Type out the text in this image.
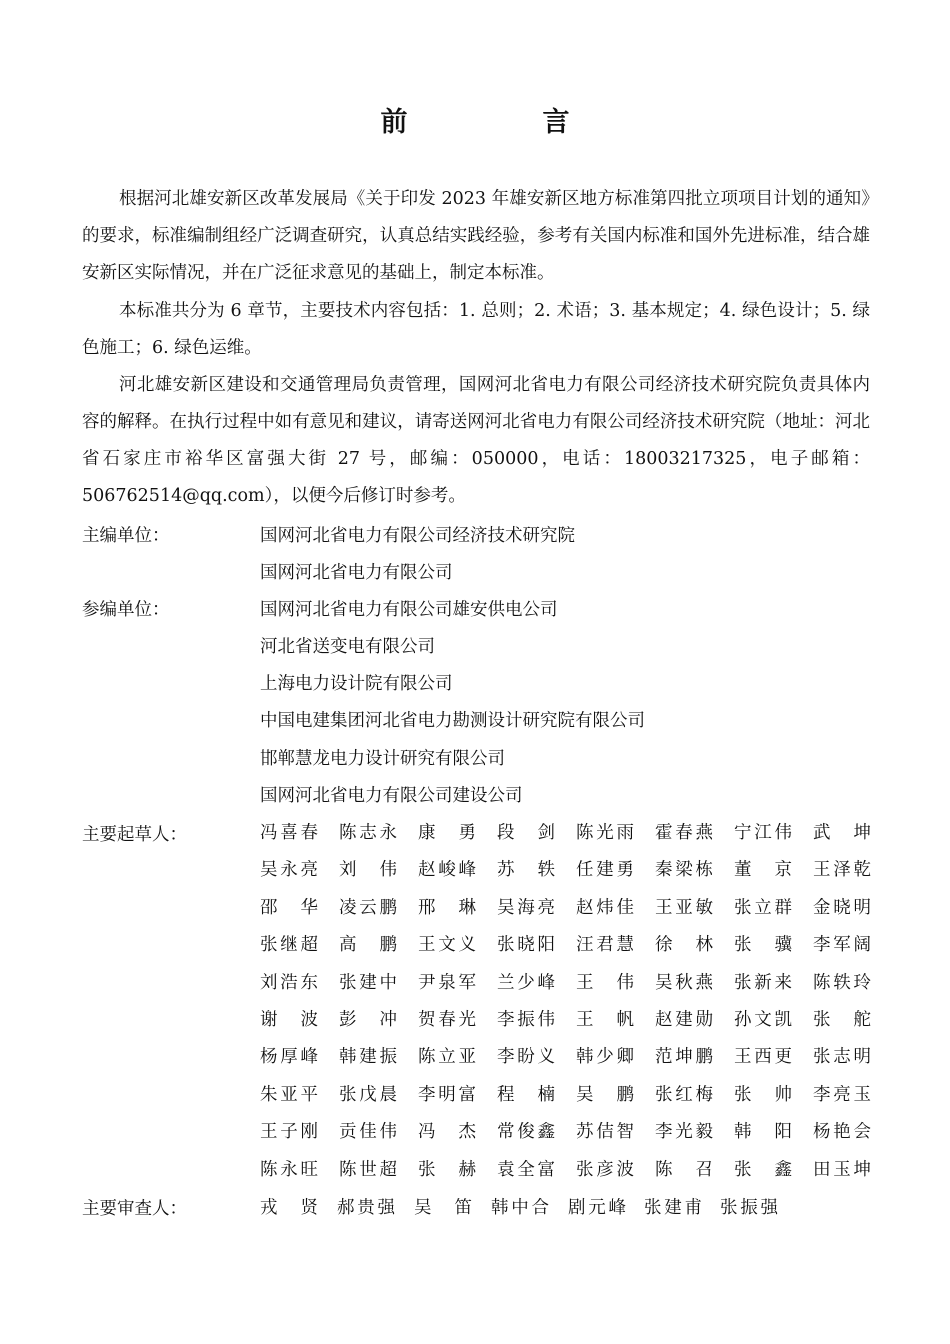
前　言

根据河北雄安新区改革发展局《关于印发 2023 年雄安新区地方标准第四批立项项目计划的通知》的要求，标准编制组经广泛调查研究，认真总结实践经验，参考有关国内标准和国外先进标准，结合雄安新区实际情况，并在广泛征求意见的基础上，制定本标准。

本标准共分为 6 章节，主要技术内容包括：1. 总则；2. 术语；3. 基本规定；4. 绿色设计；5. 绿色施工；6. 绿色运维。

河北雄安新区建设和交通管理局负责管理，国网河北省电力有限公司经济技术研究院负责具体内容的解释。在执行过程中如有意见和建议，请寄送网河北省电力有限公司经济技术研究院（地址：河北省石家庄市裕华区富强大街 27 号，邮编：050000，电话：18003217325，电子邮箱：506762514@qq.com），以便今后修订时参考。

主编单位：	国网河北省电力有限公司经济技术研究院
国网河北省电力有限公司
参编单位：	国网河北省电力有限公司雄安供电公司
河北省送变电有限公司
上海电力设计院有限公司
中国电建集团河北省电力勘测设计研究院有限公司
邯郸慧龙电力设计研究有限公司
国网河北省电力有限公司建设公司
主要起草人：	冯喜春 陈志永 康　勇 段　剑 陈光雨 霍春燕 宁江伟 武　坤
吴永亮 刘　伟 赵峻峰 苏　轶 任建勇 秦梁栋 董　京 王泽乾
邵　华 凌云鹏 邢　琳 吴海亮 赵炜佳 王亚敏 张立群 金晓明
张继超 高　鹏 王文义 张晓阳 汪君慧 徐　林 张　骥 李军阔
刘浩东 张建中 尹泉军 兰少峰 王　伟 吴秋燕 张新来 陈轶玲
谢　波 彭　冲 贺春光 李振伟 王　帆 赵建勋 孙文凯 张　舵
杨厚峰 韩建振 陈立亚 李盼义 韩少卿 范坤鹏 王西更 张志明
朱亚平 张戊晨 李明富 程　楠 吴　鹏 张红梅 张　帅 李亮玉
王子刚 贡佳伟 冯　杰 常俊鑫 苏佶智 李光毅 韩　阳 杨艳会
陈永旺 陈世超 张　赫 袁全富 张彦波 陈　召 张　鑫 田玉坤
主要审查人：	戎　贤 郝贵强 吴　笛 韩中合 剧元峰 张建甫 张振强
